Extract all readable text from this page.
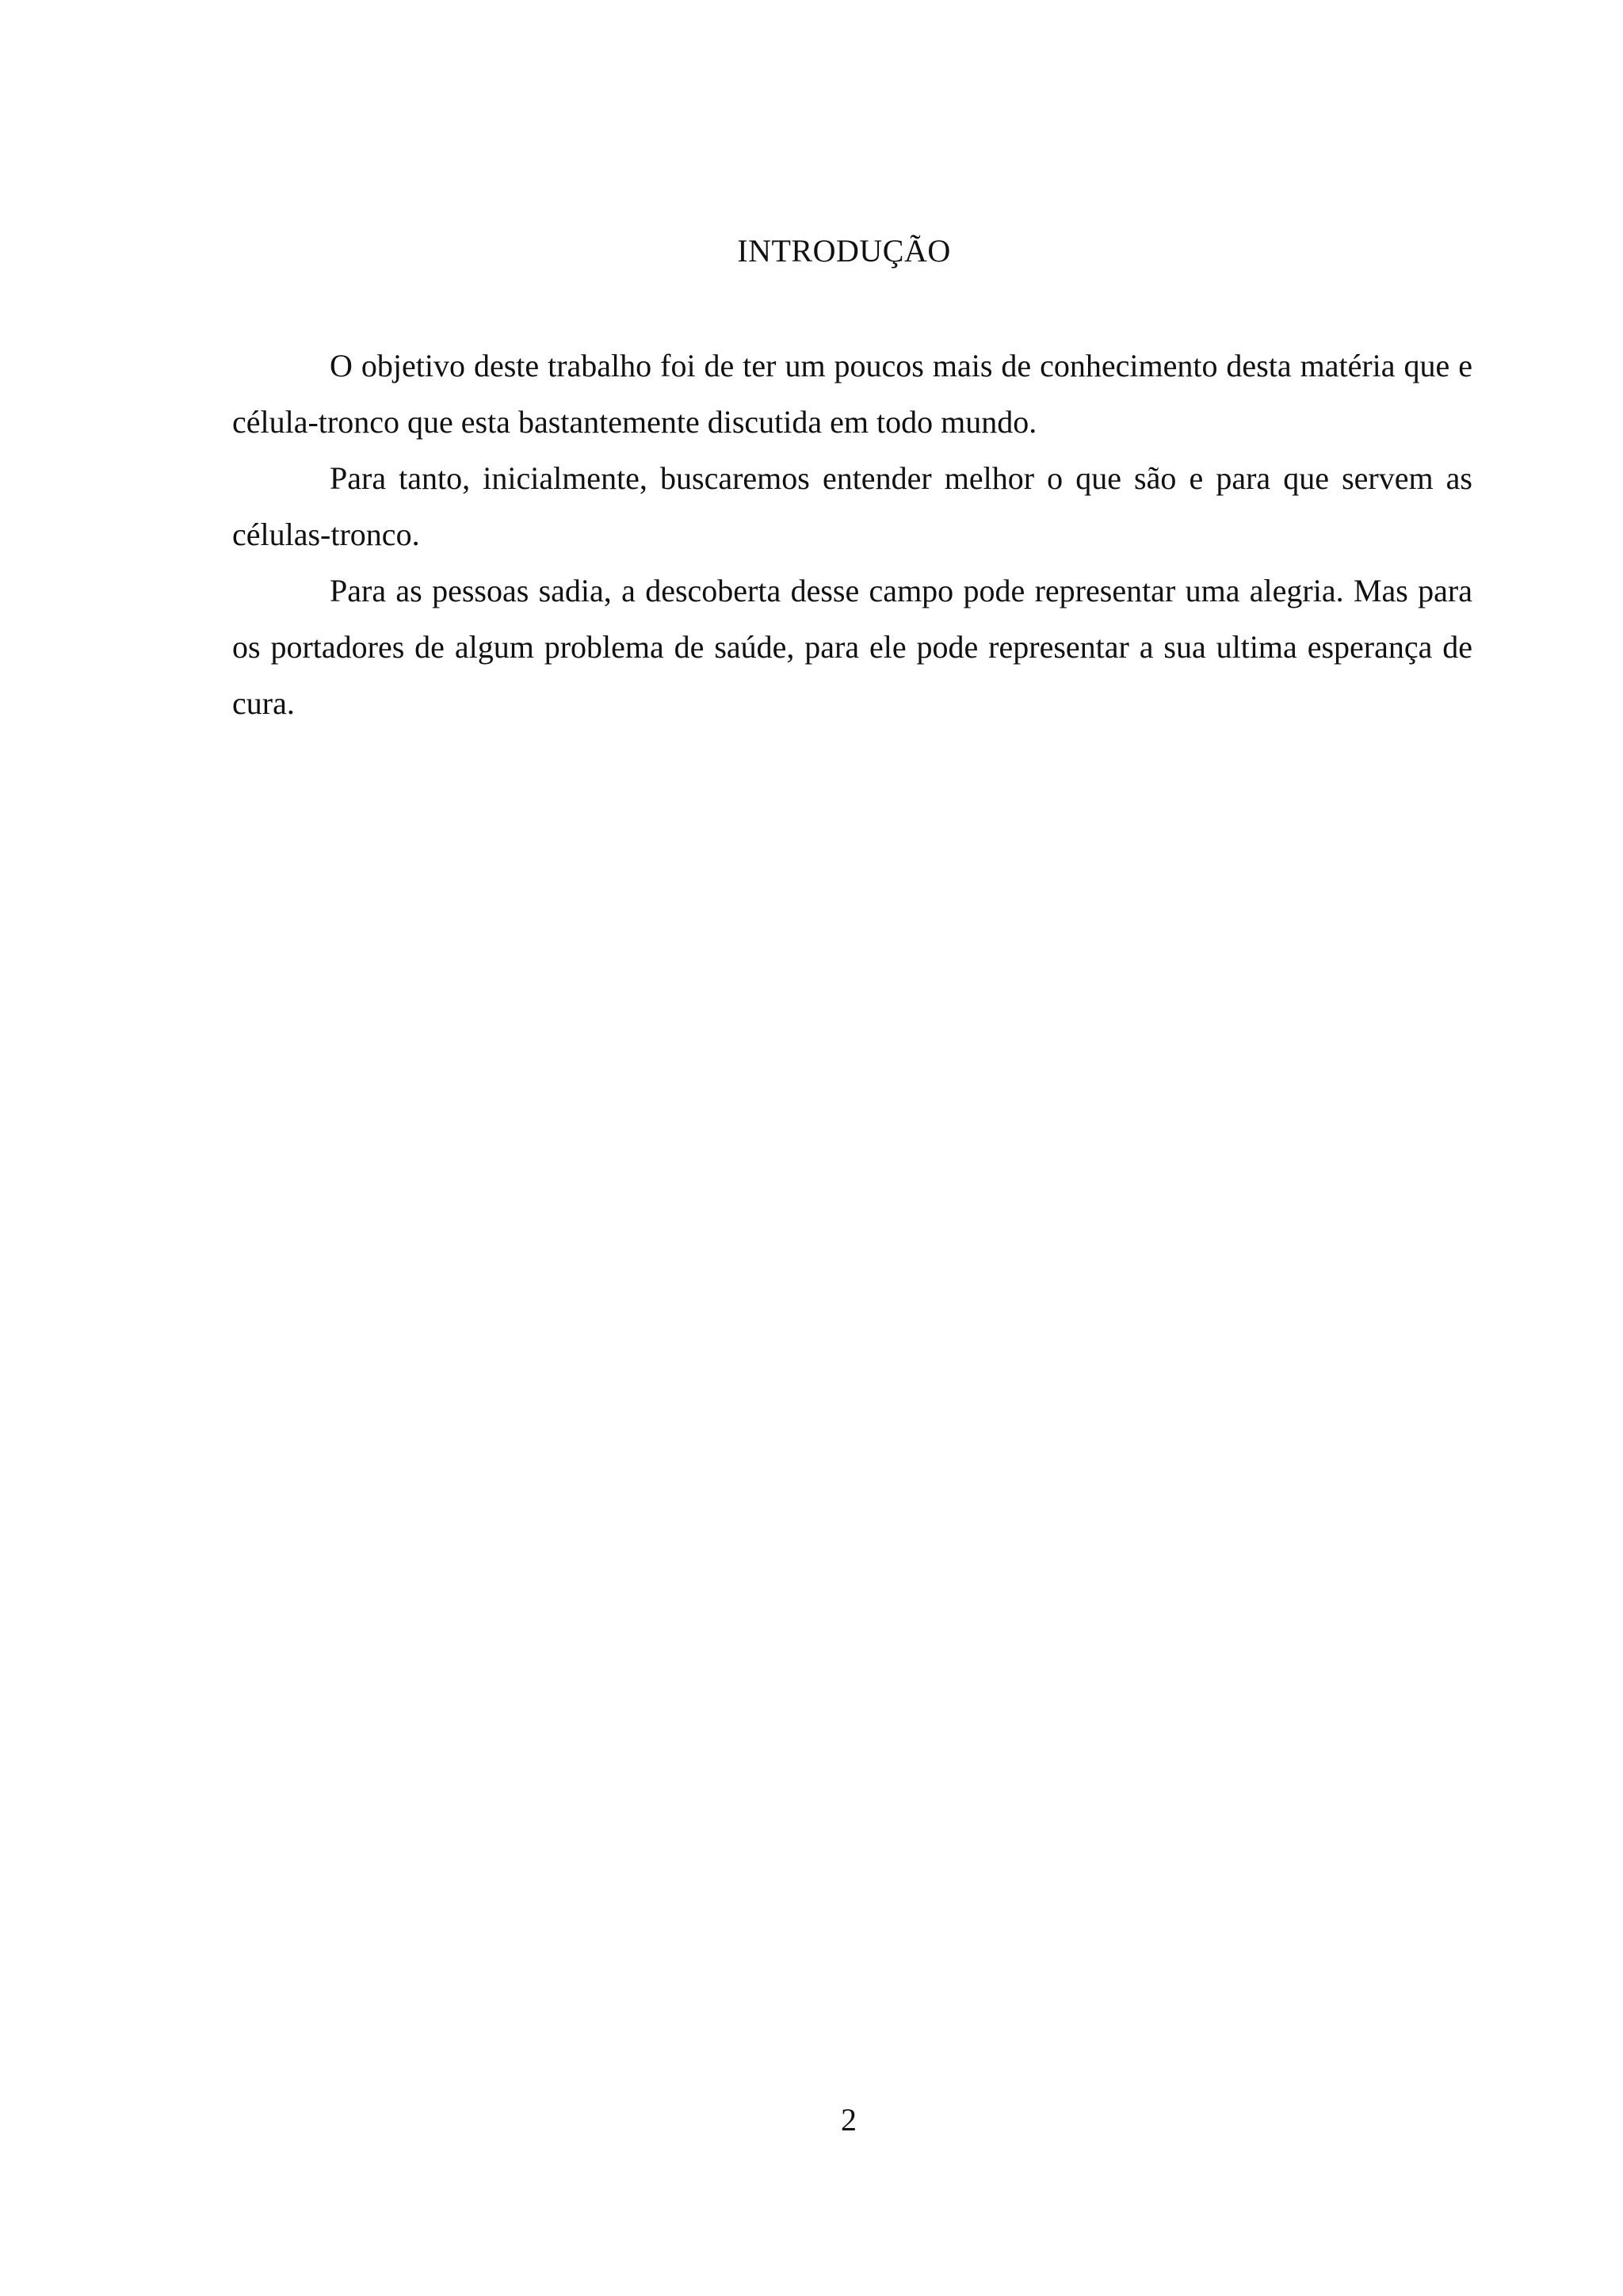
INTRODUÇÃO

O objetivo deste trabalho foi de ter um poucos mais de conhecimento desta matéria que e célula-tronco que esta bastantemente discutida em todo mundo.

Para tanto, inicialmente, buscaremos entender melhor o que são e para que servem as células-tronco.

Para as pessoas sadia, a descoberta desse campo pode representar uma alegria. Mas para os portadores de algum problema de saúde, para ele pode representar a sua ultima esperança de cura.

2
